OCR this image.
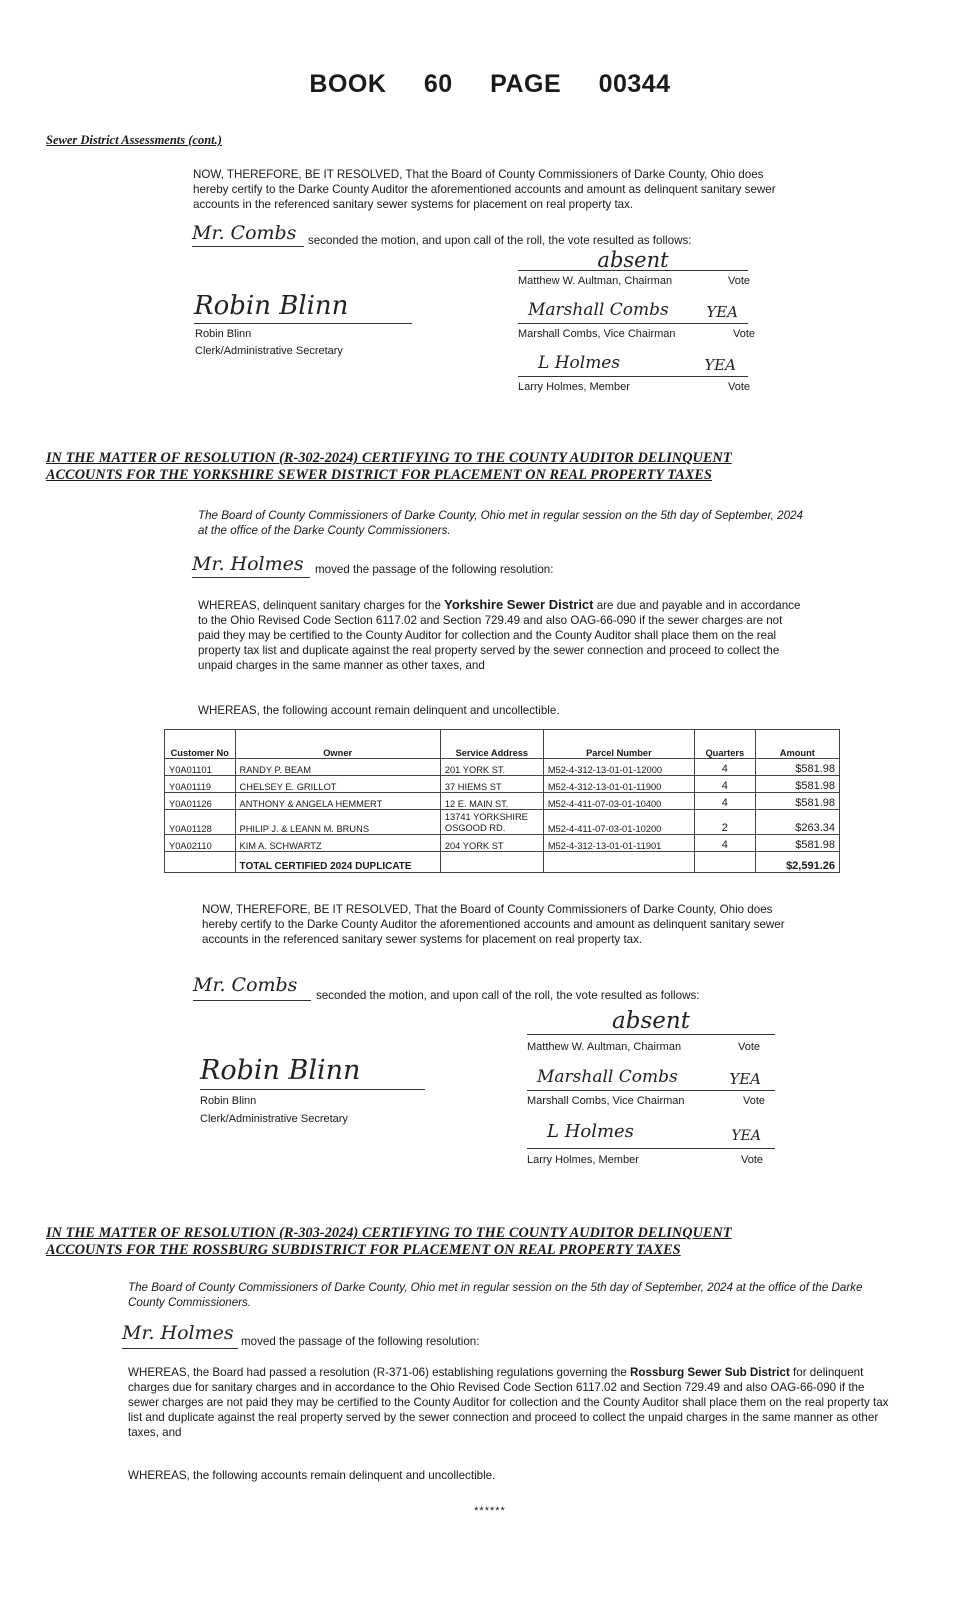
BOOK 60 PAGE 00344
Sewer District Assessments (cont.)
NOW, THEREFORE, BE IT RESOLVED, That the Board of County Commissioners of Darke County, Ohio does hereby certify to the Darke County Auditor the aforementioned accounts and amount as delinquent sanitary sewer accounts in the referenced sanitary sewer systems for placement on real property tax.
Mr. Combs seconded the motion, and upon call of the roll, the vote resulted as follows:
absent
Matthew W. Aultman, Chairman	Vote
Robin Blinn
Robin Blinn
Clerk/Administrative Secretary
Marshall Combs	YEA
Marshall Combs, Vice Chairman	Vote
L Holmes	YEA
Larry Holmes, Member	Vote
IN THE MATTER OF RESOLUTION (R-302-2024) CERTIFYING TO THE COUNTY AUDITOR DELINQUENT
ACCOUNTS FOR THE YORKSHIRE SEWER DISTRICT FOR PLACEMENT ON REAL PROPERTY TAXES
The Board of County Commissioners of Darke County, Ohio met in regular session on the 5th day of September, 2024 at the office of the Darke County Commissioners.
Mr. Holmes moved the passage of the following resolution:
WHEREAS, delinquent sanitary charges for the Yorkshire Sewer District are due and payable and in accordance to the Ohio Revised Code Section 6117.02 and Section 729.49 and also OAG-66-090 if the sewer charges are not paid they may be certified to the County Auditor for collection and the County Auditor shall place them on the real property tax list and duplicate against the real property served by the sewer connection and proceed to collect the unpaid charges in the same manner as other taxes, and
WHEREAS, the following account remain delinquent and uncollectible.
Customer No	Owner	Service Address	Parcel Number	Quarters	Amount
Y0A01101	RANDY P. BEAM	201 YORK ST.	M52-4-312-13-01-01-12000	4	$581.98
Y0A01119	CHELSEY E. GRILLOT	37 HIEMS ST	M52-4-312-13-01-01-11900	4	$581.98
Y0A01126	ANTHONY & ANGELA HEMMERT	12 E. MAIN ST.	M52-4-411-07-03-01-10400	4	$581.98
Y0A01128	PHILIP J. & LEANN M. BRUNS	13741 YORKSHIRE OSGOOD RD.	M52-4-411-07-03-01-10200	2	$263.34
Y0A02110	KIM A. SCHWARTZ	204 YORK ST	M52-4-312-13-01-01-11901	4	$581.98
	TOTAL CERTIFIED 2024 DUPLICATE				$2,591.26
NOW, THEREFORE, BE IT RESOLVED, That the Board of County Commissioners of Darke County, Ohio does hereby certify to the Darke County Auditor the aforementioned accounts and amount as delinquent sanitary sewer accounts in the referenced sanitary sewer systems for placement on real property tax.
Mr. Combs	seconded the motion, and upon call of the roll, the vote resulted as follows:
absent
Matthew W. Aultman, Chairman	Vote
Robin Blinn
Robin Blinn
Clerk/Administrative Secretary
Marshall Combs	YEA
Marshall Combs, Vice Chairman	Vote
L Holmes	YEA
Larry Holmes, Member	Vote
IN THE MATTER OF RESOLUTION (R-303-2024) CERTIFYING TO THE COUNTY AUDITOR DELINQUENT
ACCOUNTS FOR THE ROSSBURG SUBDISTRICT FOR PLACEMENT ON REAL PROPERTY TAXES
The Board of County Commissioners of Darke County, Ohio met in regular session on the 5th day of September, 2024 at the office of the Darke County Commissioners.
Mr. Holmes moved the passage of the following resolution:
WHEREAS, the Board had passed a resolution (R-371-06) establishing regulations governing the Rossburg Sewer Sub District for delinquent charges due for sanitary charges and in accordance to the Ohio Revised Code Section 6117.02 and Section 729.49 and also OAG-66-090 if the sewer charges are not paid they may be certified to the County Auditor for collection and the County Auditor shall place them on the real property tax list and duplicate against the real property served by the sewer connection and proceed to collect the unpaid charges in the same manner as other taxes, and
WHEREAS, the following accounts remain delinquent and uncollectible.
******
